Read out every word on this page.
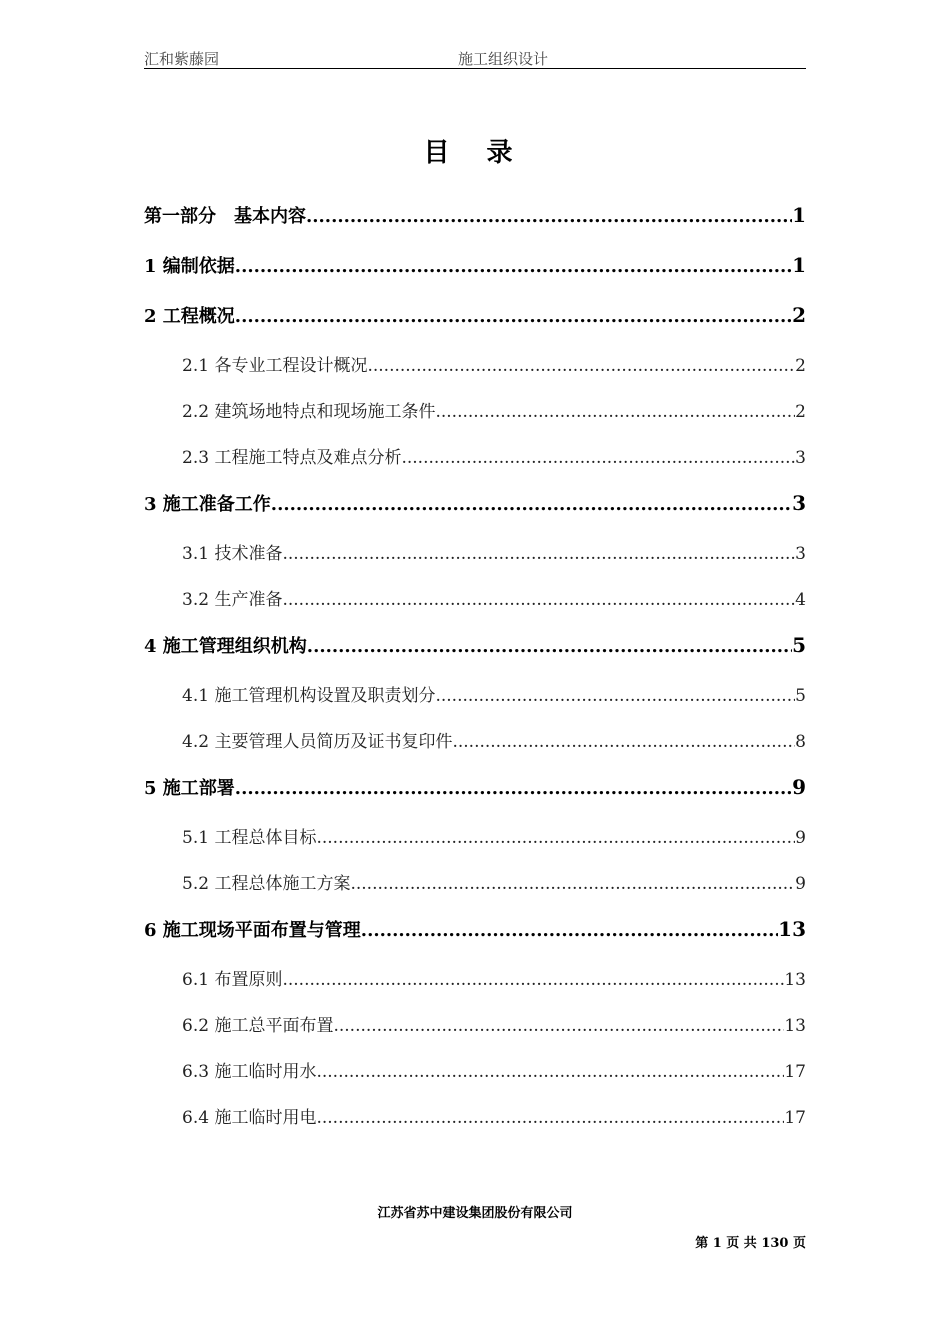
汇和紫藤园	施工组织设计
目 录
第一部分　基本内容 .....	1
1 编制依据 .....	1
2 工程概况 .....	2
2.1 各专业工程设计概况 .....	2
2.2 建筑场地特点和现场施工条件 .....	2
2.3 工程施工特点及难点分析 .....	3
3 施工准备工作 .....	3
3.1 技术准备 .....	3
3.2 生产准备 .....	4
4 施工管理组织机构 .....	5
4.1 施工管理机构设置及职责划分 .....	5
4.2 主要管理人员简历及证书复印件 .....	8
5 施工部署 .....	9
5.1 工程总体目标 .....	9
5.2 工程总体施工方案 .....	9
6 施工现场平面布置与管理 .....	13
6.1 布置原则 .....	13
6.2 施工总平面布置 .....	13
6.3 施工临时用水 .....	17
6.4 施工临时用电 .....	17
江苏省苏中建设集团股份有限公司
第 1 页 共 130 页
